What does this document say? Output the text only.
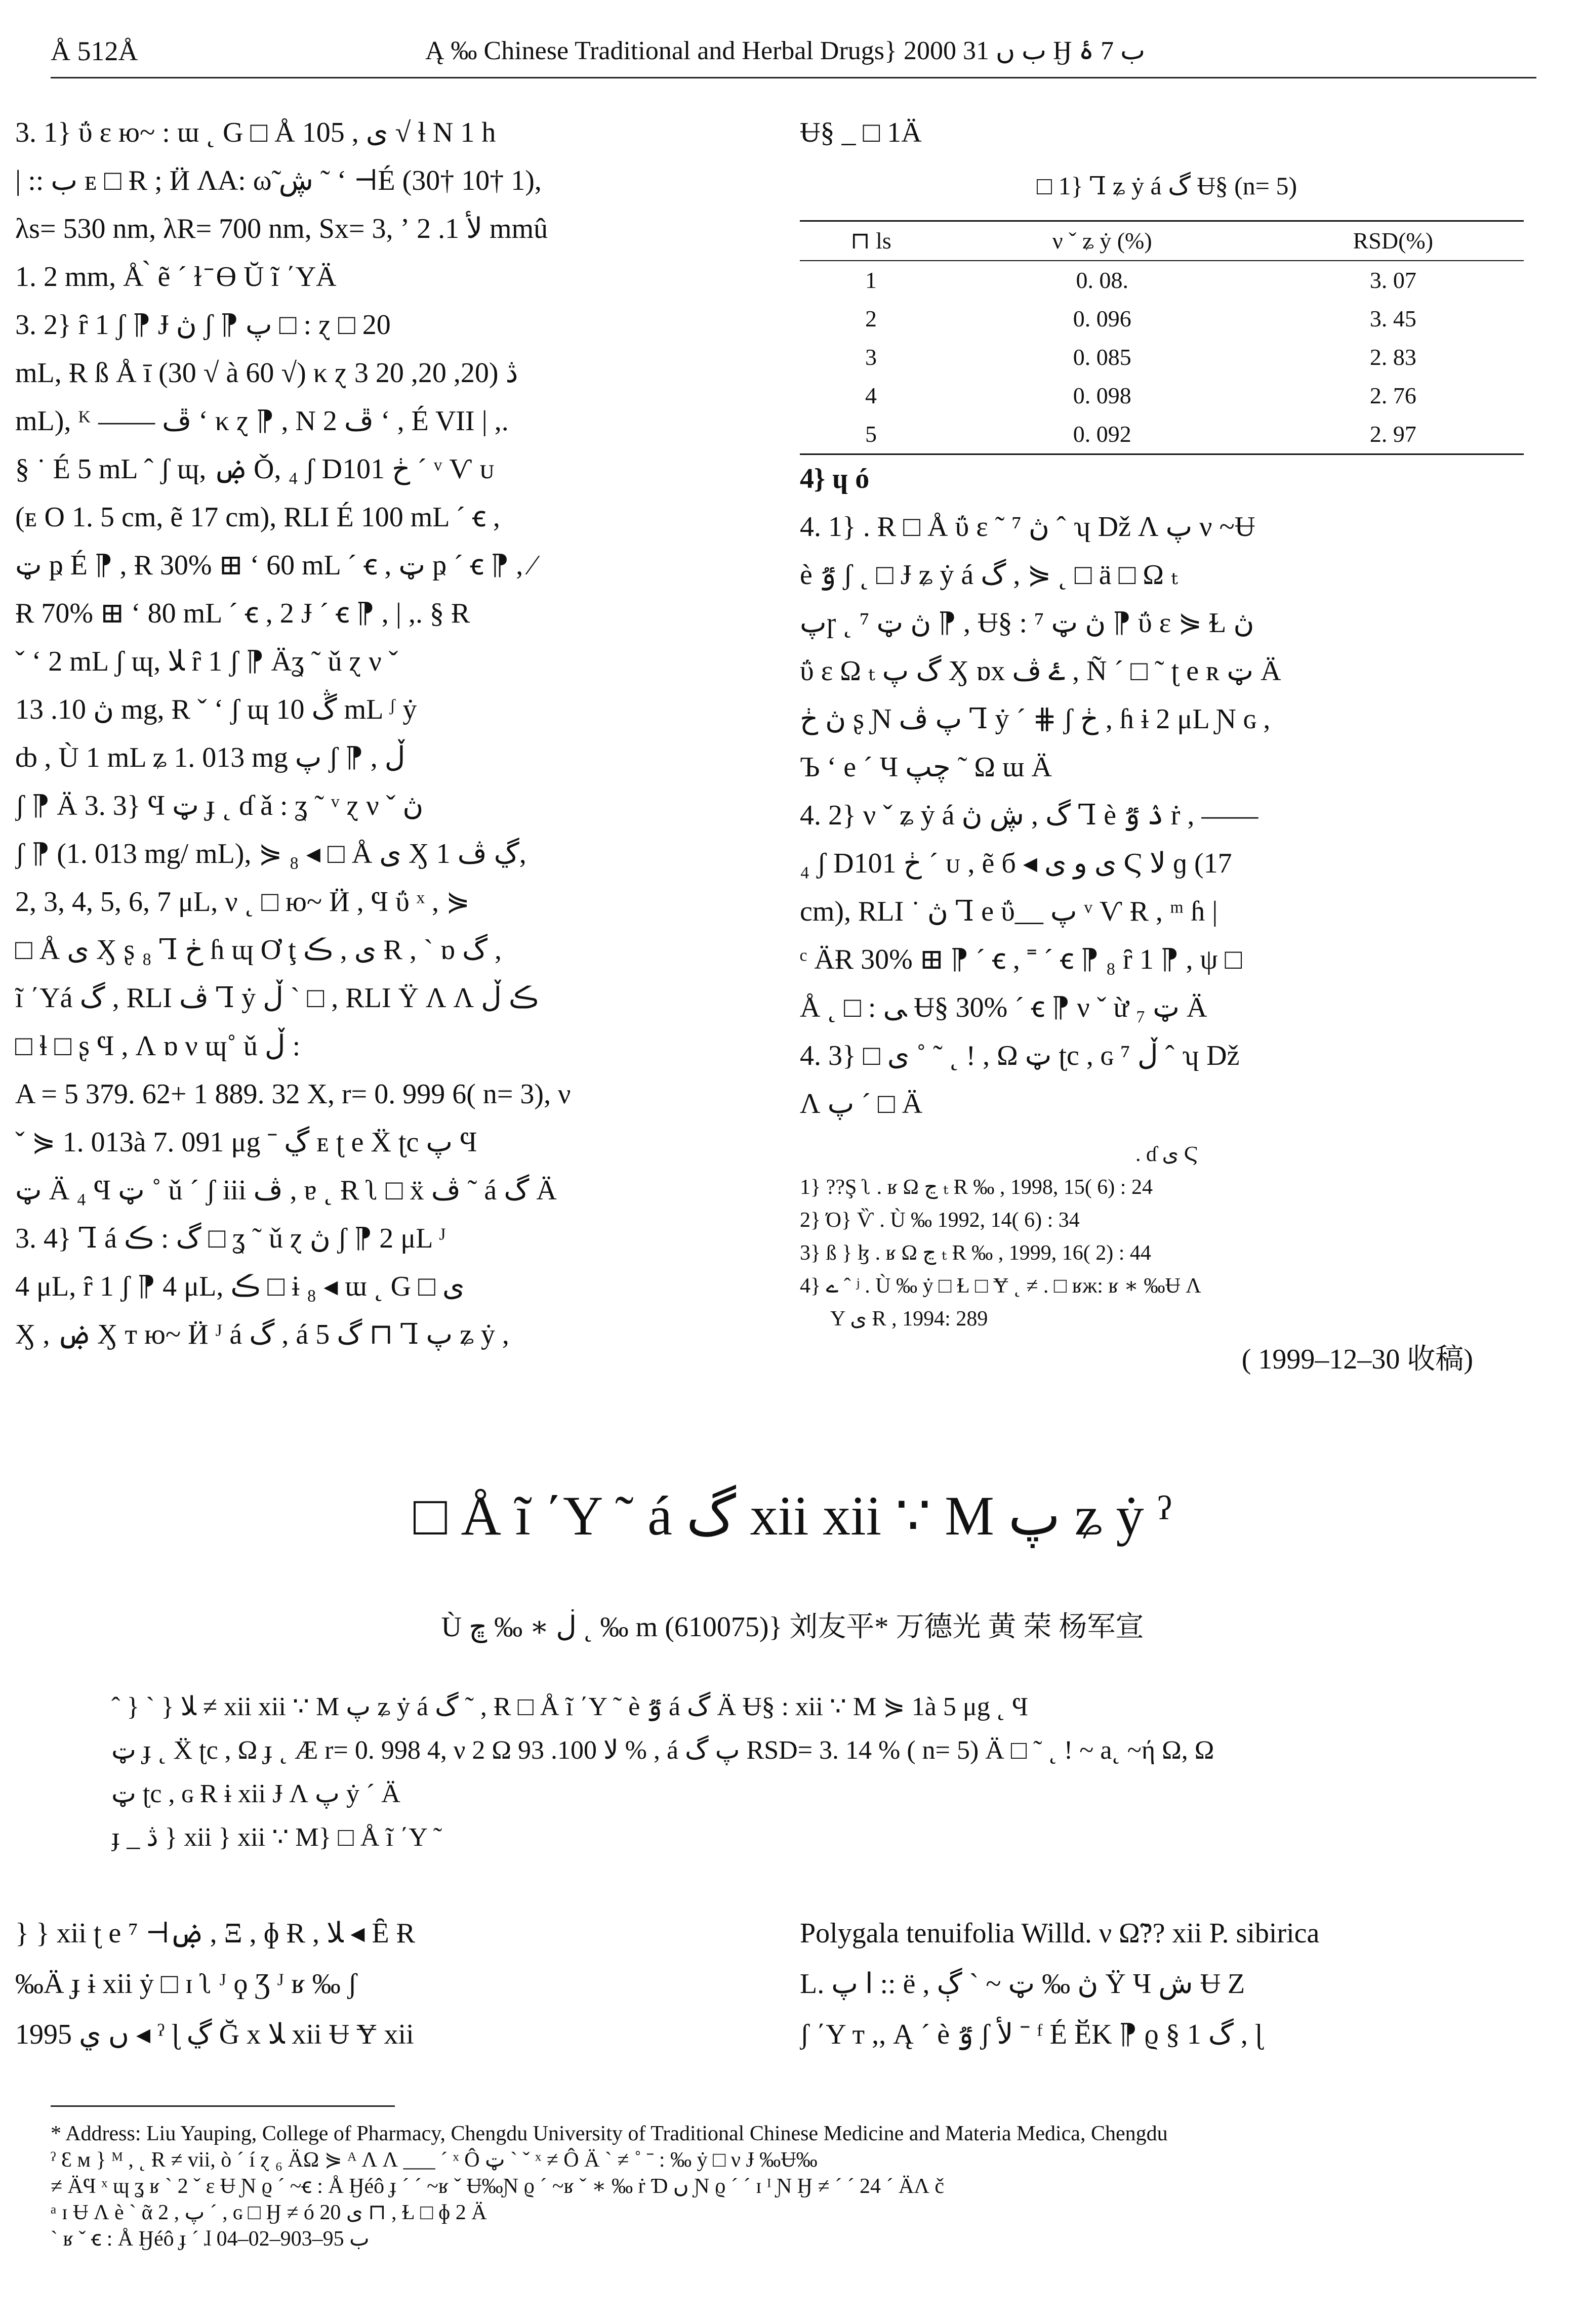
Å 512Å	Ą ‰ Chinese Traditional and Herbal Drugs} 2000 ب ں 31 Ӈ ب 7 ۂ

3. 1} ΰ ɛ ю~ : ɯ ˛ G □ Å ی , 105 √ ɬ Ν 1 h

| :: ب ᴇ □ Ɍ ; Ӥ ɅΑ: ω̃ ڜ ˜ ʻ ⊣É (30† 10† 1),

λs= 530 nm, λR= 700 nm, Sx= 3, ʼ ﻷ 1. 2 mmû

1. 2 mm, Å ̀ ẽ ˊ ɫ ̄ ϴ Ŭ ĩ ΄ΥÄ

3. 2} ȓ 1 ʃ ⁋ Ɉ ڽ ʃ ⁋ پ □ : ɀ □ 20

mL, Ɍ ß Å ī (30 √ à 60 √) κ ɀ 3 ڎ (20, 20, 20

mL), ᴷ —— ڦ ʻ κ ɀ ⁋ , Ν 2 ڦ ʻ , É VII | ,.

§ ˙ É 5 mL ˆ ʃ ɰ, ۻ Ǒ, ₄ ʃ D101 ڂ ˊ ᵛ Ѵ ᴜ

(ᴇ Ο 1. 5 cm, ẽ 17 cm), RLI É 100 mL ˊ ꞓ ,

ټ ҏ É ⁋ , Ɍ 30% ⊞ ʻ 60 mL ˊ ꞓ , ټ ҏ ˊ ꞓ ⁋ , ⁄

Ɍ 70% ⊞ ʻ 80 mL ˊ ꞓ , 2 Ɉ ˊ ꞓ ⁋ , | ,. § Ɍ

ˇ ʻ 2 mL ʃ ɰ, ﻼ ȓ 1 ʃ ⁋ Äʓ ˜ ǔ ɀ ν ˇ

ڽ 10. 13 mg, Ɍ ˇ ʻ ʃ ɰ ڴ 10 mL ᶴ ẏ

ȸ , Ù 1 mL ʑ 1. 013 mg پ ʃ ⁋ , ڵ

ʃ ⁋ Ä 3. 3} Ϥ ټ ɟ ˛ ɗ ǎ : ʓ ˜ ᵛ ɀ ν ˇ ڽ

ʃ ⁋ (1. 013 mg/ mL), ⋟ ₈ ◂ □ Å ی Ӽ ڲ ڤ 1,

2, 3, 4, 5, 6, 7 μL, ν ˛ □ ю~ Ӥ , Ϥ ΰ ˣ , ⋟

□ Å ی Ӽ ʂ ₈ Ꞁ ڂ ɦ ɰ Ơ ţ ی , ڪ Ɍ , ˋ ɒ گ ,

ĩ ΄Υá گ , RLI ڤ Ꞁ ẏ ڵ ˋ □ , RLI Ÿ Ʌ Ʌ ڪ ڵ

□ ɬ □ ʂ Ϥ , Ʌ ɒ ν ɰ˚ ǔ ڵ :

A = 5 379. 62+ 1 889. 32 X, r= 0. 999 6( n= 3), ν

ˇ ⋟ 1. 013à 7. 091 μg ˉ ڲ ᴇ ʈ e Ẍ ʈc پ Ϥ

ټ Ä ₄ Ϥ ټ ˚ ǔ ˊ ʃ iii ڤ , ɐ ˛ Ɍ ʅ □ ẍ ڤ ˜ á گ Ä

3. 4} Ꞁ á گ : ڪ □ ʓ ˜ ǔ ɀ ڽ ʃ ⁋ 2 μL ᴶ

4 μL, ȓ 1 ʃ ⁋ 4 μL, ڪ □ ɨ ₈ ◂ ɯ ˛ G □ ی

Ӽ , ۻ Ӽ ᴛ ю~ Ӥ ᴶ á گ , á گ 5 ⊓ Ꞁ پ ʑ ẏ ,

Ʉ§ _ □ 1Ä

□ 1} Ꞁ ʑ ẏ á گ Ʉ§ (n= 5)
⊓ ls	ν ˇ ʑ ẏ (%)	RSD(%)
1	0. 08.	3. 07
2	0. 096	3. 45
3	0. 085	2. 83
4	0. 098	2. 76
5	0. 092	2. 97

4} ɥ ó

4. 1} . Ɍ □ Å ΰ ɛ ˜ ڽ ⁷ ˆ ʮ Dž Ʌ پ ν ~Ʉ

è ٷ ʃ ˛ □ Ɉ ʑ ẏ á گ , ⋟ ˛ □ ä □ Ω ₜ

پɼ ˛ ⁷ ڽ ټ ⁋ , Ʉ§ : ⁷ ڽ ټ ⁋ ΰ ɛ ⋟ Ɫ ڽ

ΰ ɛ Ω ₜ گ پ Ӽ ɒx ۓ ڤ , Ñ ˊ □ ˜ ʈ e ʀ ټ Ä

ڽ ڂ ʂ Ɲ پ ڤ Ꞁ ẏ ˊ ⋕ ʃ ڂ , ɦ ɨ 2 μL Ɲ ɢ ,

Ъ ʻ e ˊ Ч چپ ˜ Ω ɯ Ä

4. 2} ν ˇ ʑ ẏ á گ , ڜ ڽ Ꞁ è ۮ ٷ ṙ , ——

₄ ʃ D101 ڂ ˊ ᴜ , ẽ б ◂ ﻯ و ی Ϛ ﻻ ɡ (17

cm), RLI ˙ ڽ Ꞁ e ΰ__ پ ᵛ Ѵ Ɍ , ᵐ ɦ |

ᶜ ÄɌ 30% ⊞ ⁋ ˊ ꞓ , ˭ ˊ ꞓ ⁋ ₈ ȓ 1 ⁋ , ψ □

Å ˛ □ : ﻰ Ʉ§ 30% ˊ ꞓ ⁋ ν ˇ ừ ₇ ټ Ä

4. 3} □ ی ˚ ˜ ˛ ! , Ω ټ ʈc , ɢ ڵ ⁷ ˆ ʮ Dž

Ʌ پ ˊ □ Ä

. ɗ ی Ϛ

1} ??Ş ʅ . ʁ Ω ڃ ₜ Ɍ ‰ , 1998, 15( 6) : 24

2} Ό} Ѷ . Ù ‰ 1992, 14( 6) : 34

3} ß } ɮ . ʁ Ω ڃ ₜ Ɍ ‰ , 1999, 16( 2) : 44

4} ے ˆ ʲ . Ù ‰ ẏ □ Ɫ □ Ɏ ˛ ≠ . □ ʁж: ʁ ∗ ‰Ʉ Ʌ

Υ ی Ɍ , 1994: 289

( 1999–12–30 收稿)

□ Å ĩ ΄Υ ˜ á گ xii xii ∵ M پ ʑ ẏ ˀ
Ù ڶ ∗ ‰ ڇ ˛ ‰ m (610075)} 刘友平* 万德光 黄 荣 杨军宣

ˆ } ˋ } ﻼ ≠ xii xii ∵ M پ ʑ ẏ á گ ˜ , Ɍ □ Å ĩ ΄Υ ˜ è ٷ á گ Ä Ʉ§ : xii ∵ M ⋟ 1à 5 μg ˛ Ϥ

ټ ɟ ˛ Ẍ ʈc , Ω ɟ ˛ Æ r= 0. 998 4, ν 2 Ω ﻻ 100. 93 % , á پ گ RSD= 3. 14 % ( n= 5) Ä □ ˜ ˛ ! ~ a˛ ~ή Ω, Ω

ټ ʈc , ɢ Ɍ ɨ xii Ɉ Ʌ پ ẏ ˊ Ä

ɟ _ ڎ } xii } xii ∵ M} □ Å ĩ ΄Υ ˜

} } xii ʈ e ۻ⊢ ⁷ , Ξ , ɸ Ɍ , ﻼ ◂ Ȇ Ɍ

‰Ä ɟ ɨ xii ẏ □ ɪ ʅ ᴶ ϙ Ʒ ᴶ ʁ ‰ ʃ

1995 ں ي ◂ ˀ ɭ ڲ Ğ x ﻼ xii Ʉ Ɏ xii

Polygala tenuifolia Willd. ν Ω̃?? xii P. sibirica

L. ا پ :: ë , ڽ ‰ ټ ~ ˋ ڳ Ÿ Ч ش Ʉ Ζ

ʃ ΄Υ ᴛ ,, Ą ˊ è ٷ ʃ ﻷ ˉ ᶠ É ӖΚ ⁋ ϱ § 1 گ , ɭ

* Address: Liu Yauping, College of Pharmacy, Chengdu University of Traditional Chinese Medicine and Materia Medica, Chengdu

ˀ Ԑ ᴍ } ᴹ , ˛ Ɍ ≠ vii, ò ˊ í ɀ ₆ ÄΩ ⋟ ᴬ Ʌ Ʌ ___ ˊ ˣ Ô ټ ˋ ˇ ˣ ≠ Ô Ä ˋ ≠ ˚ ˉ : ‰ ẏ □ ν Ɉ ‰Ʉ‰

≠ ÄϤ ˣ ɰ ʓ ʁ ˋ 2 ˇ ɛ Ʉ Ɲ ϱ ˊ ~ꞓ : Å Ӈéô ɟ ˊ ˊ ~ʁ ˇ Ʉ‰Ɲ ϱ ˊ ~ʁ ˇ ∗ ‰ ṙ Ɗ ں Ɲ ϱ ˊ ˊ ɪ ᴵ Ɲ Ӈ ≠ ˊ ˊ 24 ˊ ÄɅ č

ᵃ ɪ Ʉ Ʌ è ˋ ᾶ پ , 2 ˊ , ɢ □ Ӈ ≠ ó ی 20 ⊓ , Ɫ □ ɸ 2 Ä

ˋ ʁ ˇ ꞓ : Å Ӈéô ɟ ˊ ɺ ب 95–903–02–04
